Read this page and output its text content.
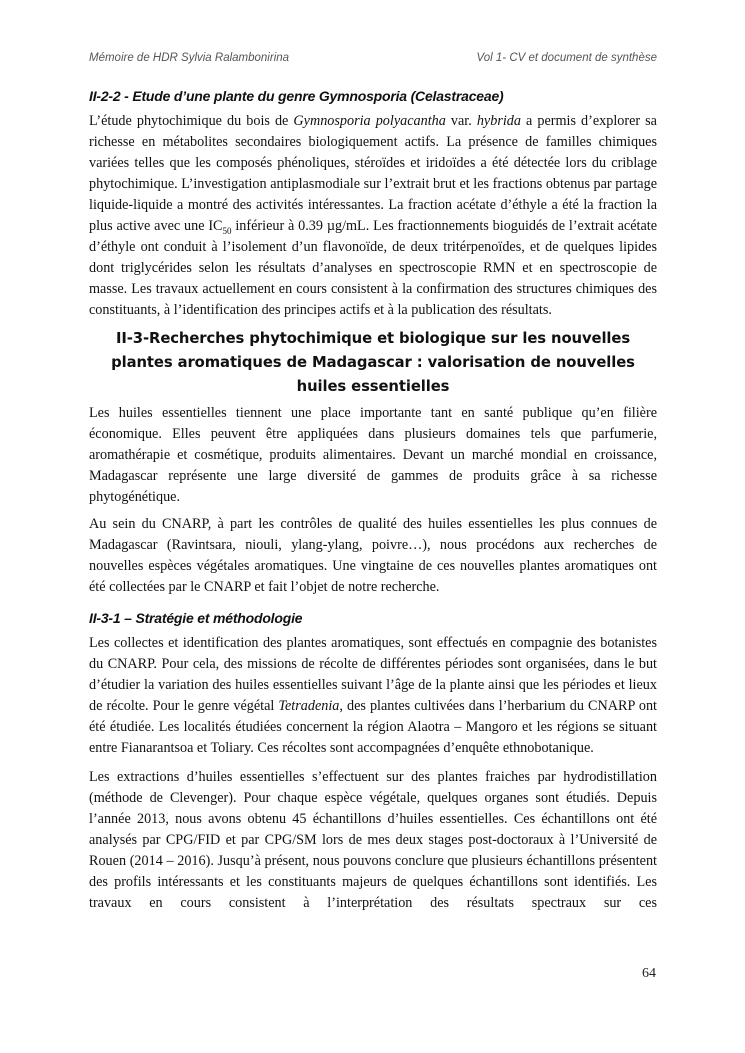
Mémoire de HDR Sylvia Ralambonirina	Vol 1- CV et document de synthèse
II-2-2 - Etude d’une plante du genre Gymnosporia (Celastraceae)

L’étude phytochimique du bois de Gymnosporia polyacantha var. hybrida a permis d’explorer sa richesse en métabolites secondaires biologiquement actifs. La présence de familles chimiques variées telles que les composés phénoliques, stéroïdes et iridoïdes a été détectée lors du criblage phytochimique. L’investigation antiplasmodiale sur l’extrait brut et les fractions obtenus par partage liquide-liquide a montré des activités intéressantes. La fraction acétate d’éthyle a été la fraction la plus active avec une $IC_{50}$ inférieur à 0.39 µg/mL. Les fractionnements bioguidés de l’extrait acétate d’éthyle ont conduit à l’isolement d’un flavonoïde, de deux tritérpenoïdes, et de quelques lipides dont triglycérides selon les résultats d’analyses en spectroscopie RMN et en spectroscopie de masse. Les travaux actuellement en cours consistent à la confirmation des structures chimiques des constituants, à l’identification des principes actifs et à la publication des résultats.

II-3-Recherches phytochimique et biologique sur les nouvelles plantes aromatiques de Madagascar : valorisation de nouvelles huiles essentielles

Les huiles essentielles tiennent une place importante tant en santé publique qu’en filière économique. Elles peuvent être appliquées dans plusieurs domaines tels que parfumerie, aromathérapie et cosmétique, produits alimentaires. Devant un marché mondial en croissance, Madagascar représente une large diversité de gammes de produits grâce à sa richesse phytogénétique.

Au sein du CNARP, à part les contrôles de qualité des huiles essentielles les plus connues de Madagascar (Ravintsara, niouli, ylang-ylang, poivre…), nous procédons aux recherches de nouvelles espèces végétales aromatiques. Une vingtaine de ces nouvelles plantes aromatiques ont été collectées par le CNARP et fait l’objet de notre recherche.

II-3-1 – Stratégie et méthodologie

Les collectes et identification des plantes aromatiques, sont effectués en compagnie des botanistes du CNARP. Pour cela, des missions de récolte de différentes périodes sont organisées, dans le but d’étudier la variation des huiles essentielles suivant l’âge de la plante ainsi que les périodes et lieux de récolte. Pour le genre végétal Tetradenia, des plantes cultivées dans l’herbarium du CNARP ont été étudiée. Les localités étudiées concernent la région Alaotra – Mangoro et les régions se situant entre Fianarantsoa et Toliary. Ces récoltes sont accompagnées d’enquête ethnobotanique.

Les extractions d’huiles essentielles s’effectuent sur des plantes fraiches par hydrodistillation (méthode de Clevenger). Pour chaque espèce végétale, quelques organes sont étudiés. Depuis l’année 2013, nous avons obtenu 45 échantillons d’huiles essentielles. Ces échantillons ont été analysés par CPG/FID et par CPG/SM lors de mes deux stages post-doctoraux à l’Université de Rouen (2014 – 2016). Jusqu’à présent, nous pouvons conclure que plusieurs échantillons présentent des profils intéressants et les constituants majeurs de quelques échantillons sont identifiés. Les travaux en cours consistent à l’interprétation des résultats spectraux sur ces

64
